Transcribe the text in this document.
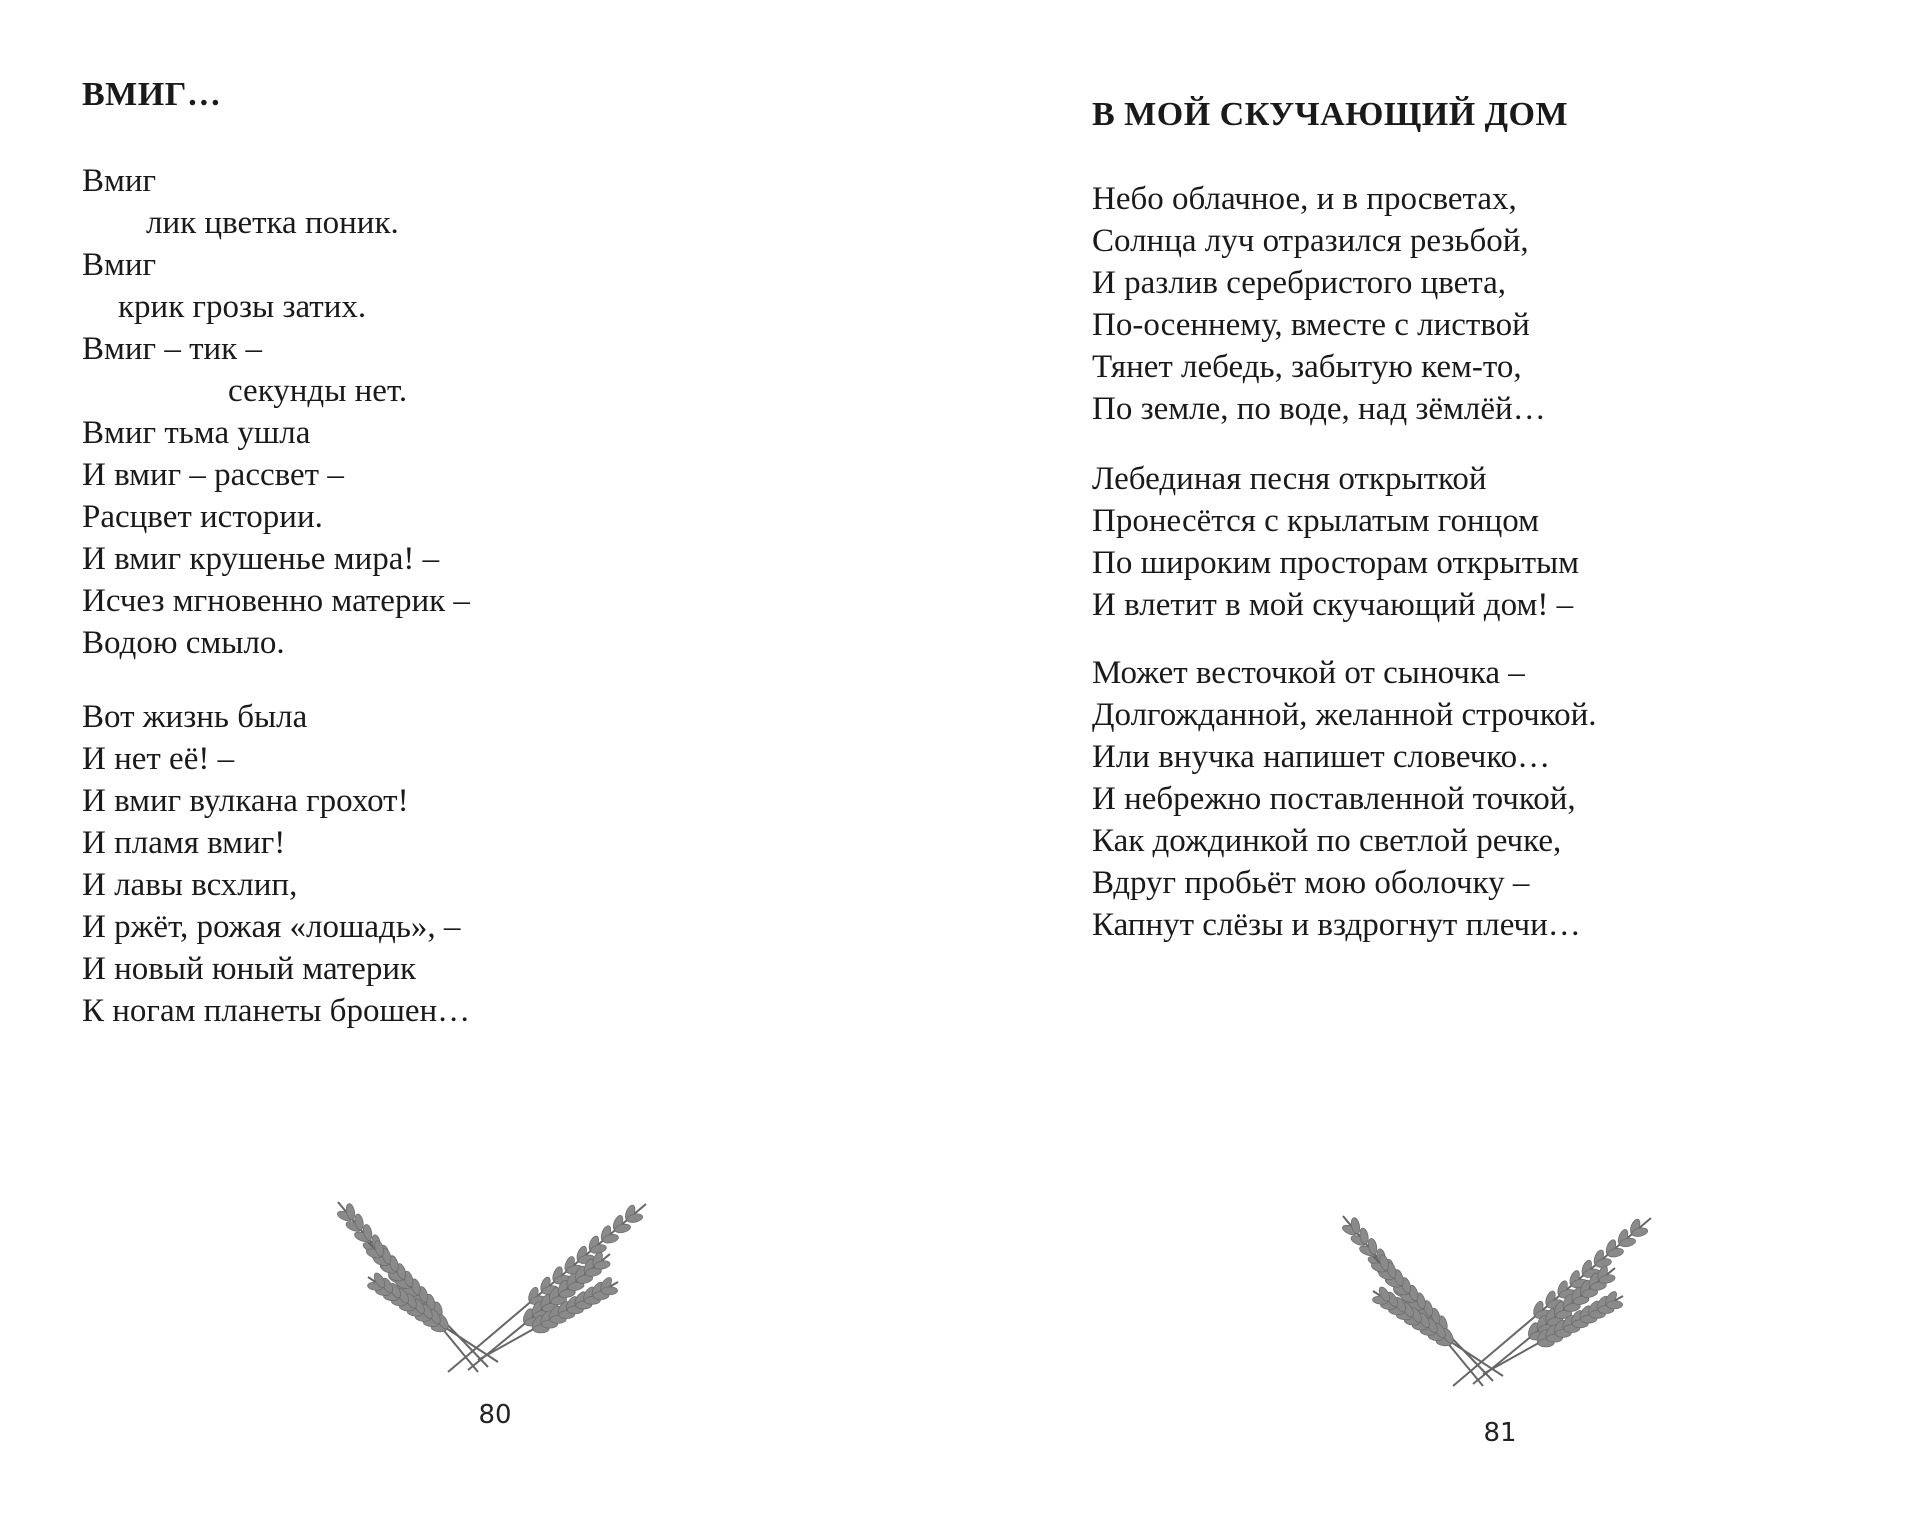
ВМИГ…
Вмиг
лик цветка поник.
Вмиг
крик грозы затих.
Вмиг – тик –
секунды нет.
Вмиг тьма ушла
И вмиг – рассвет –
Расцвет истории.
И вмиг крушенье мира! –
Исчез мгновенно материк –
Водою смыло.
Вот жизнь была
И нет её! –
И вмиг вулкана грохот!
И пламя вмиг!
И лавы всхлип,
И ржёт, рожая «лошадь», –
И новый юный материк
К ногам планеты брошен…
80
В МОЙ СКУЧАЮЩИЙ ДОМ
Небо облачное, и в просветах,
Солнца луч отразился резьбой,
И разлив серебристого цвета,
По-осеннему, вместе с листвой
Тянет лебедь, забытую кем-то,
По земле, по воде, над зёмлёй…
Лебединая песня открыткой
Пронесётся с крылатым гонцом
По широким просторам открытым
И влетит в мой скучающий дом! –
Может весточкой от сыночка –
Долгожданной, желанной строчкой.
Или внучка напишет словечко…
И небрежно поставленной точкой,
Как дождинкой по светлой речке,
Вдруг пробьёт мою оболочку –
Капнут слёзы и вздрогнут плечи…
81
